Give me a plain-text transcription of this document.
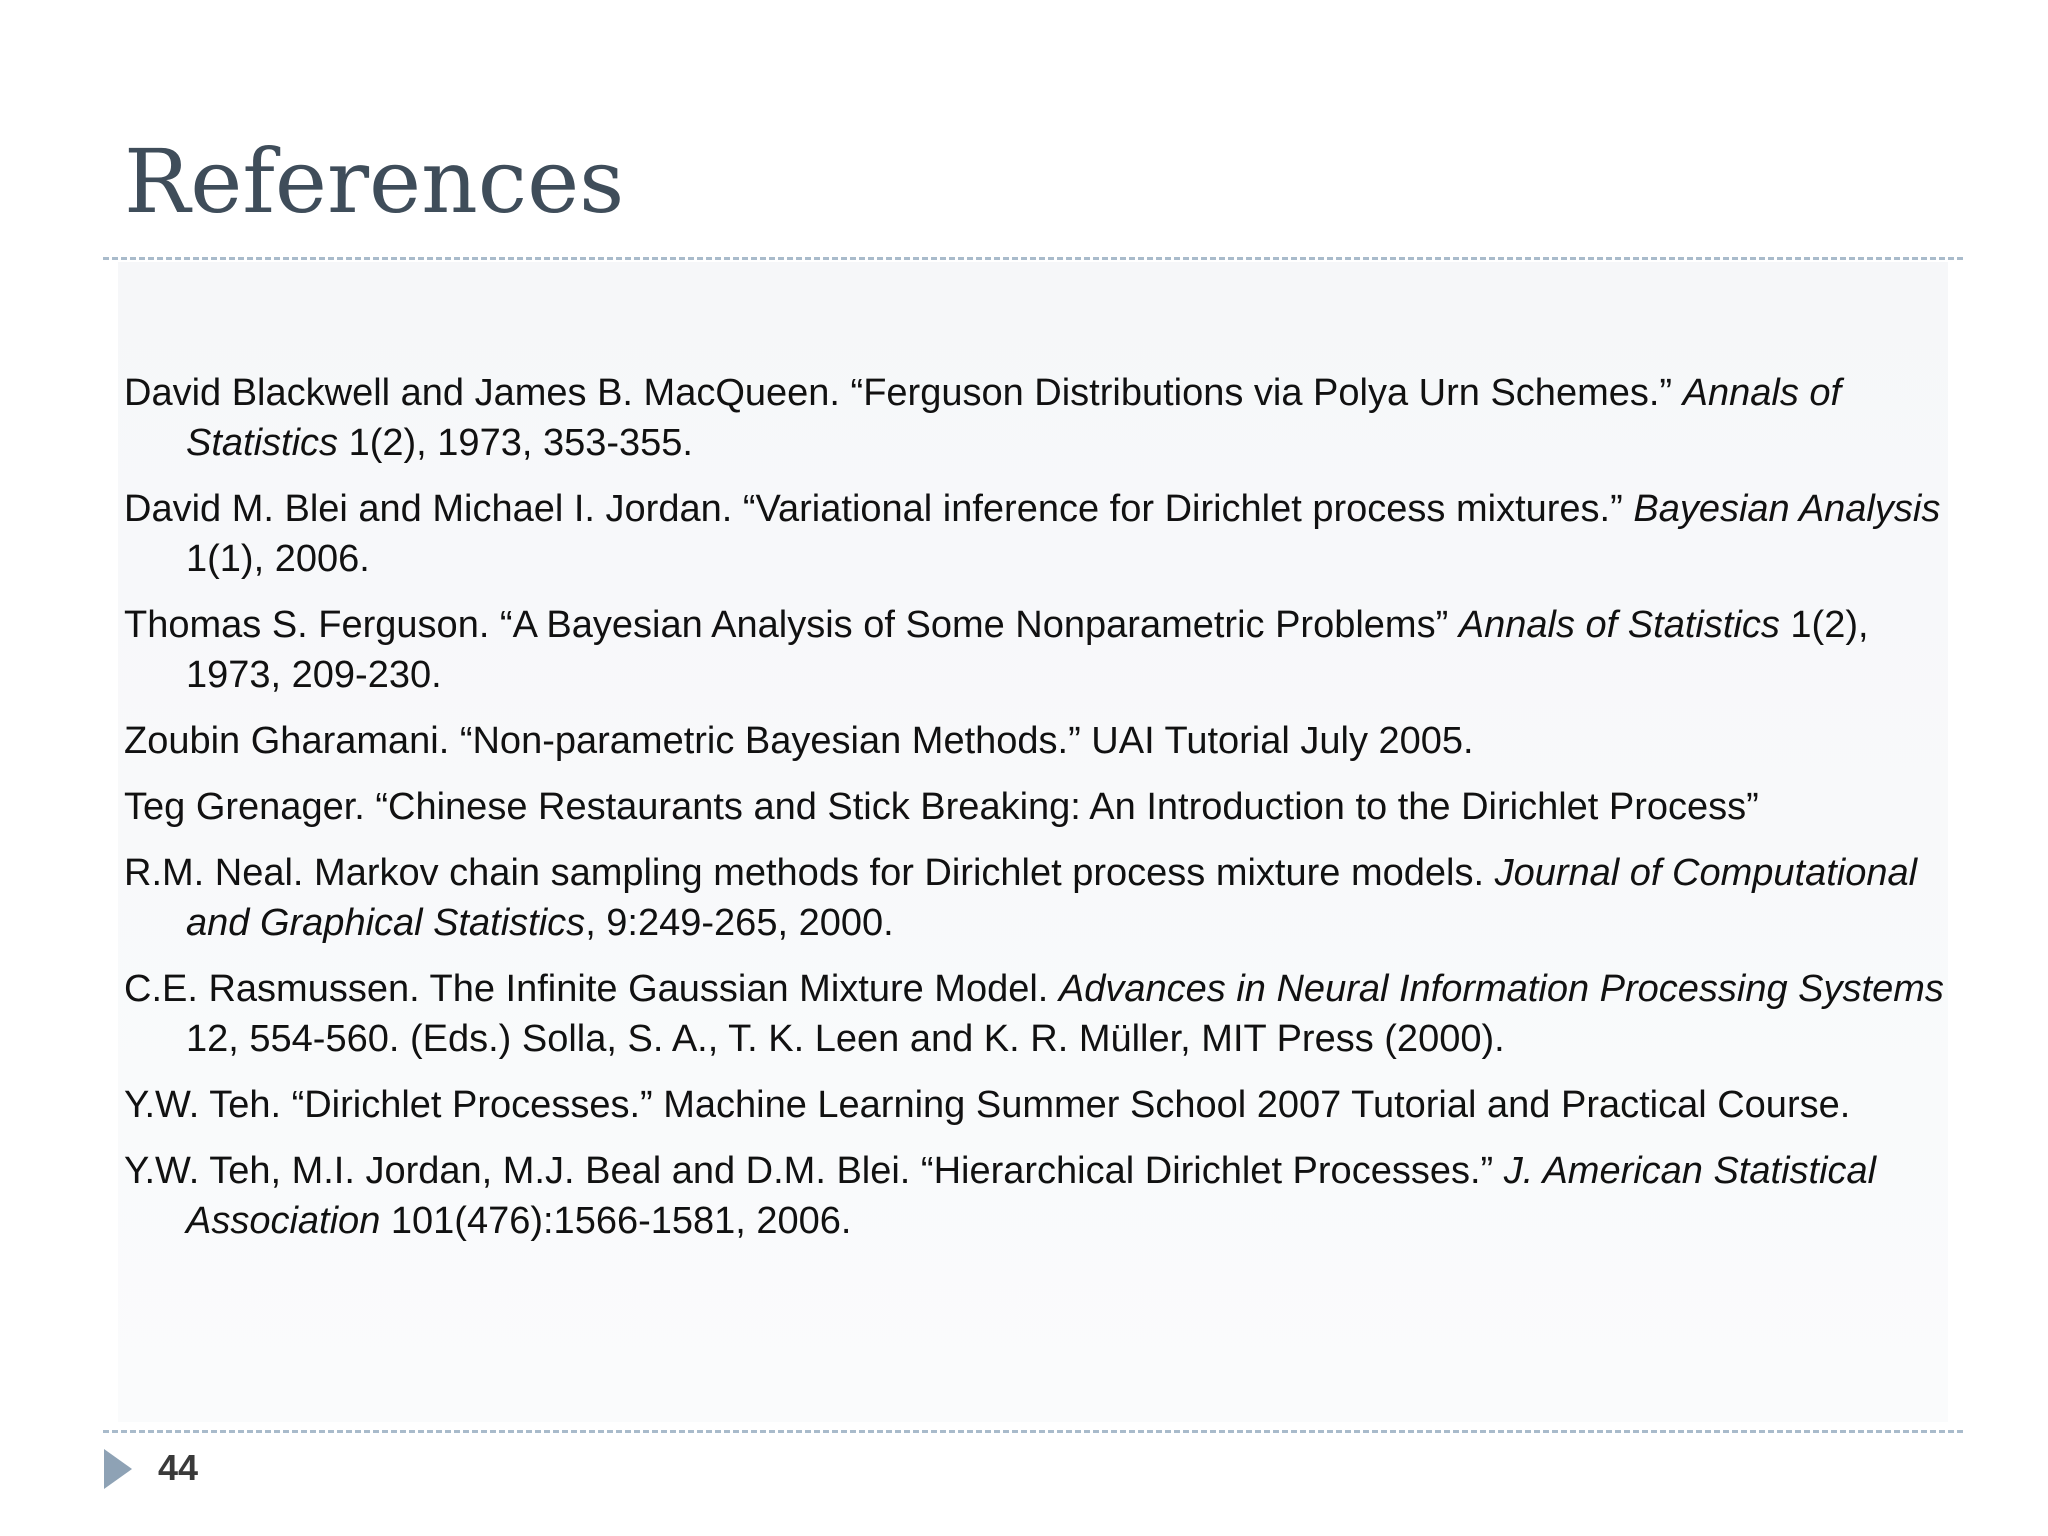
References
David Blackwell and James B. MacQueen. “Ferguson Distributions via Polya Urn Schemes.” Annals of Statistics 1(2), 1973, 353-355.
David M. Blei and Michael I. Jordan. “Variational inference for Dirichlet process mixtures.” Bayesian Analysis 1(1), 2006.
Thomas S. Ferguson. “A Bayesian Analysis of Some Nonparametric Problems” Annals of Statistics 1(2), 1973, 209-230.
Zoubin Gharamani. “Non-parametric Bayesian Methods.” UAI Tutorial July 2005.
Teg Grenager. “Chinese Restaurants and Stick Breaking: An Introduction to the Dirichlet Process”
R.M. Neal. Markov chain sampling methods for Dirichlet process mixture models. Journal of Computational and Graphical Statistics, 9:249-265, 2000.
C.E. Rasmussen. The Infinite Gaussian Mixture Model. Advances in Neural Information Processing Systems 12, 554-560. (Eds.) Solla, S. A., T. K. Leen and K. R. Müller, MIT Press (2000).
Y.W. Teh. “Dirichlet Processes.” Machine Learning Summer School 2007 Tutorial and Practical Course.
Y.W. Teh, M.I. Jordan, M.J. Beal and D.M. Blei. “Hierarchical Dirichlet Processes.” J. American Statistical Association 101(476):1566-1581, 2006.
44
